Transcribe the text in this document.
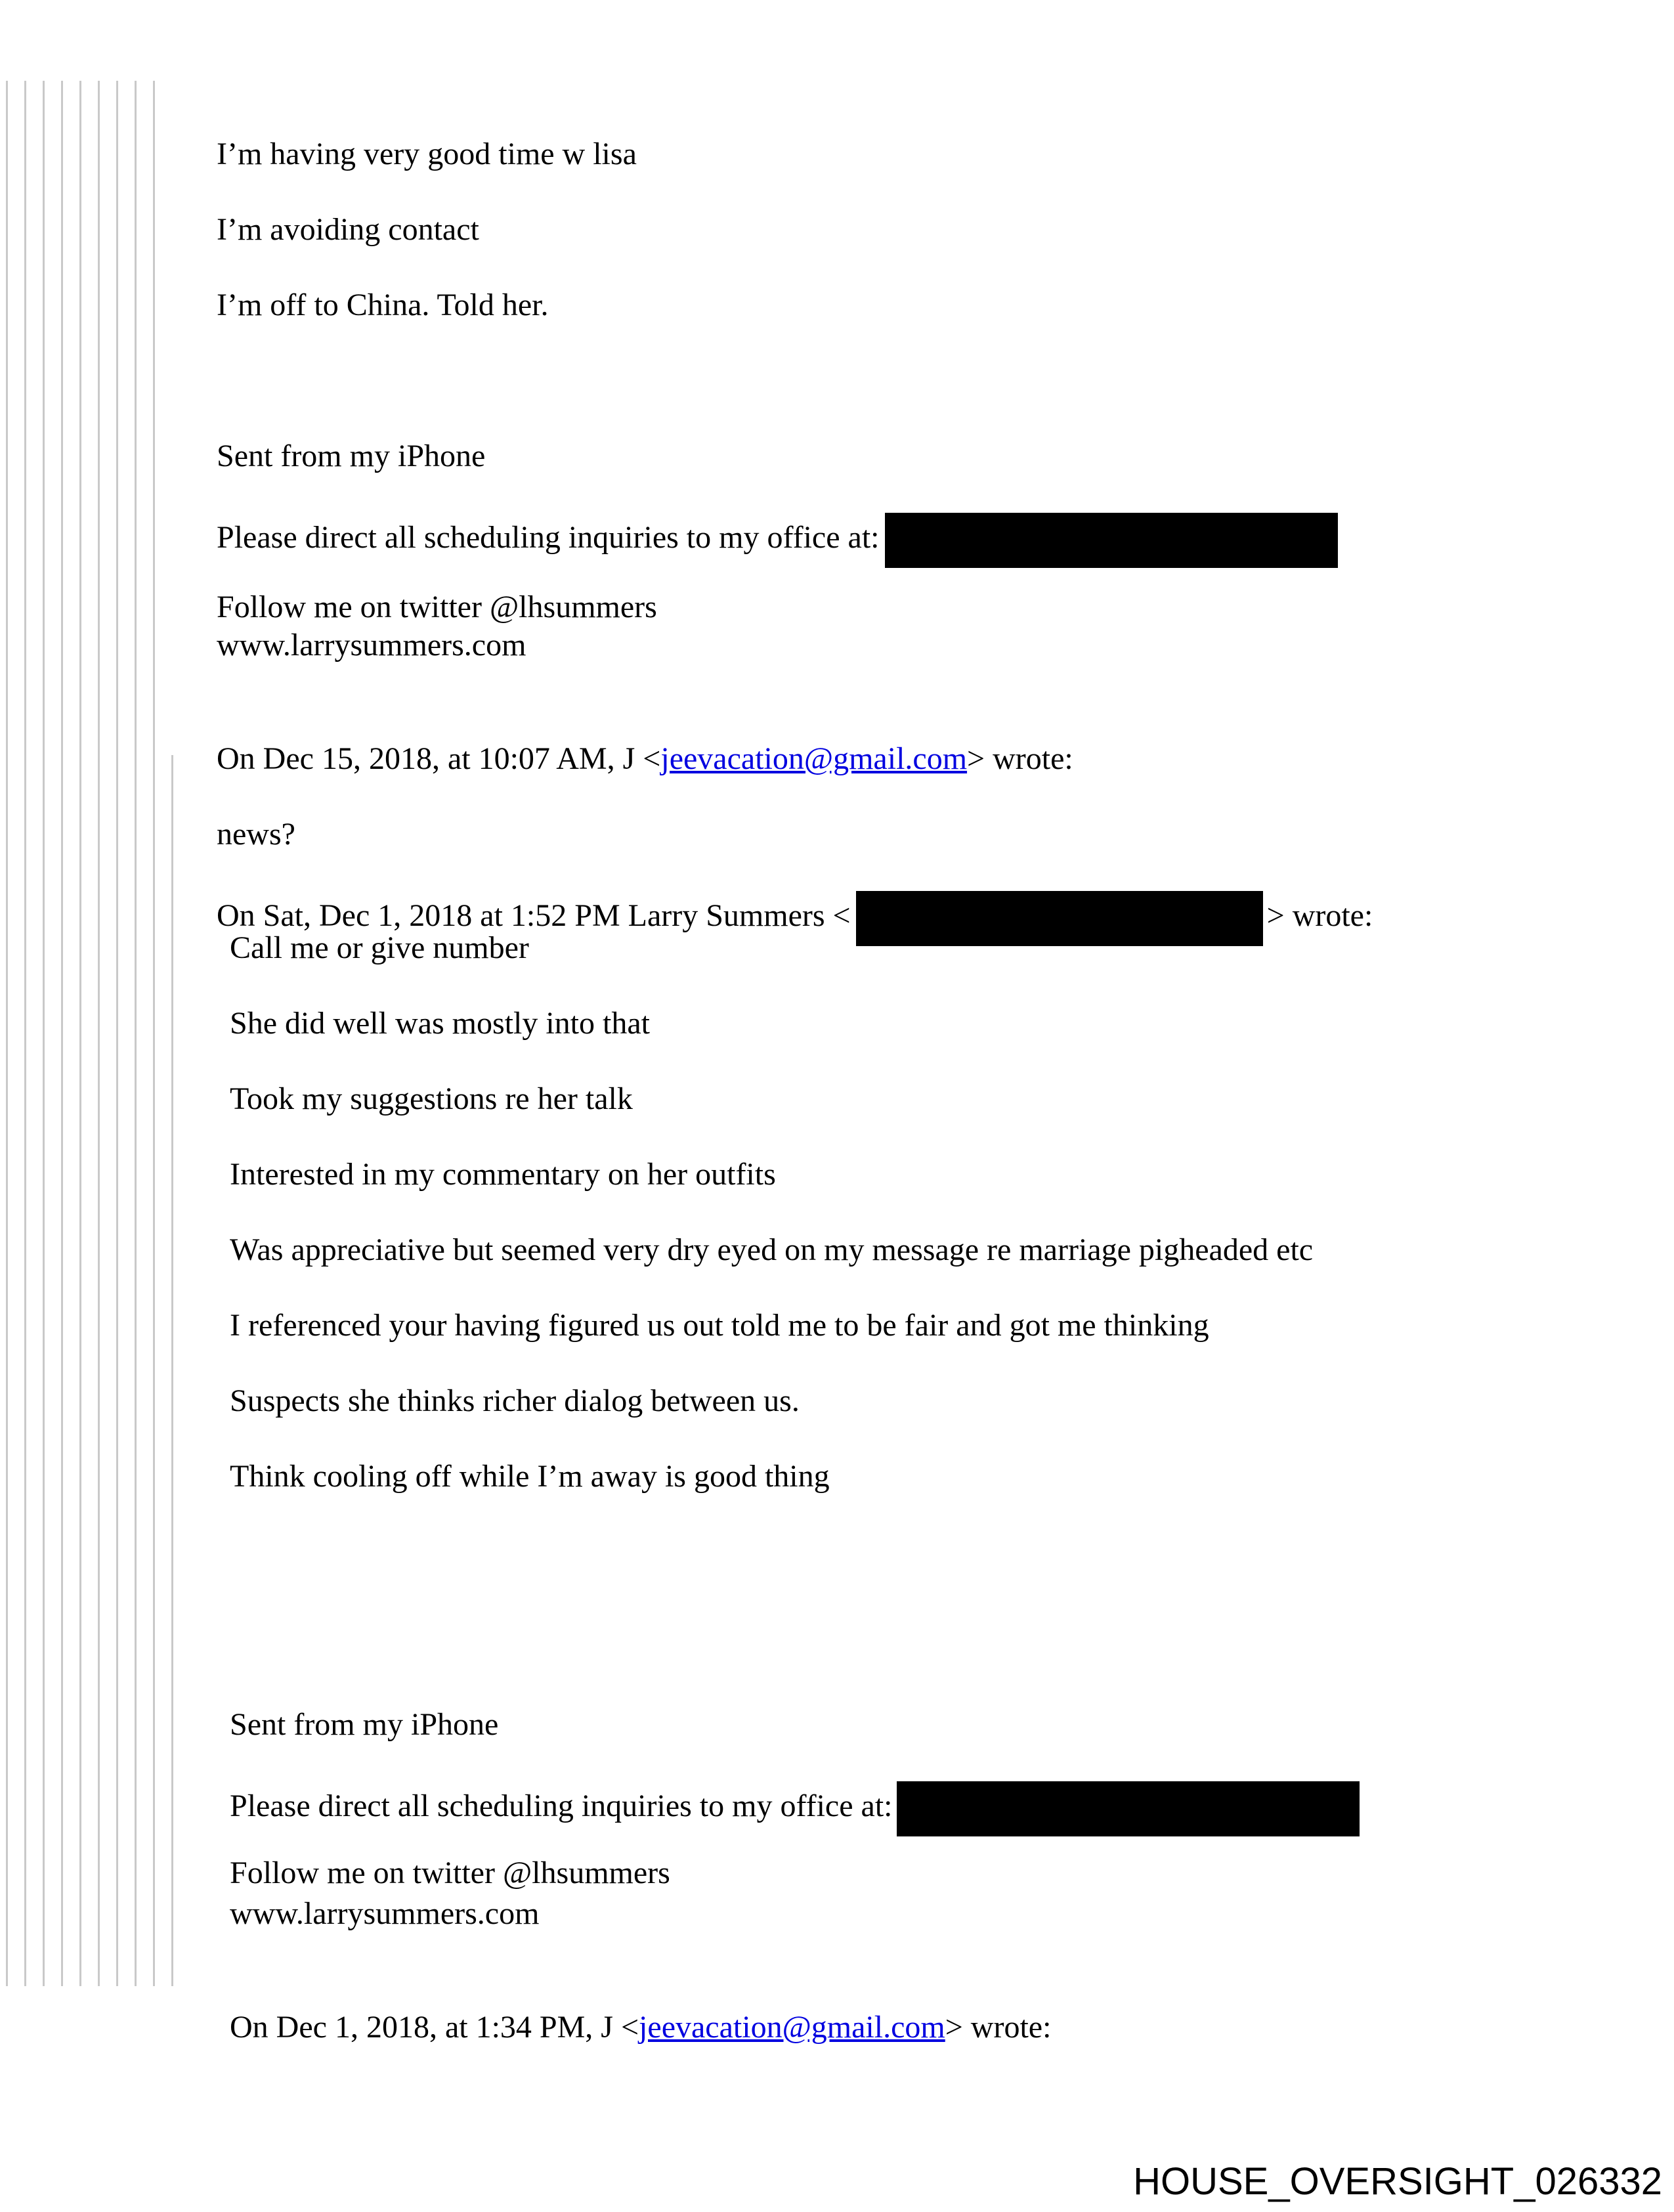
I’m having very good time w lisa
I’m avoiding contact
I’m off to China. Told her.
Sent from my iPhone
Please direct all scheduling inquiries to my office at:
Follow me on twitter @lhsummers
www.larrysummers.com
On Dec 15, 2018, at 10:07 AM, J <jeevacation@gmail.com> wrote:
news?
On Sat, Dec 1, 2018 at 1:52 PM Larry Summers <	> wrote:
Call me or give number
She did well was mostly into that
Took my suggestions re her talk
Interested in my commentary on her outfits
Was appreciative but seemed very dry eyed on my message re marriage pigheaded etc
I referenced your having figured us out told me to be fair and got me thinking
Suspects she thinks richer dialog between us.
Think cooling off while I’m away is good thing
Sent from my iPhone
Please direct all scheduling inquiries to my office at:
Follow me on twitter @lhsummers
www.larrysummers.com
On Dec 1, 2018, at 1:34 PM, J <jeevacation@gmail.com> wrote:
HOUSE_OVERSIGHT_026332
